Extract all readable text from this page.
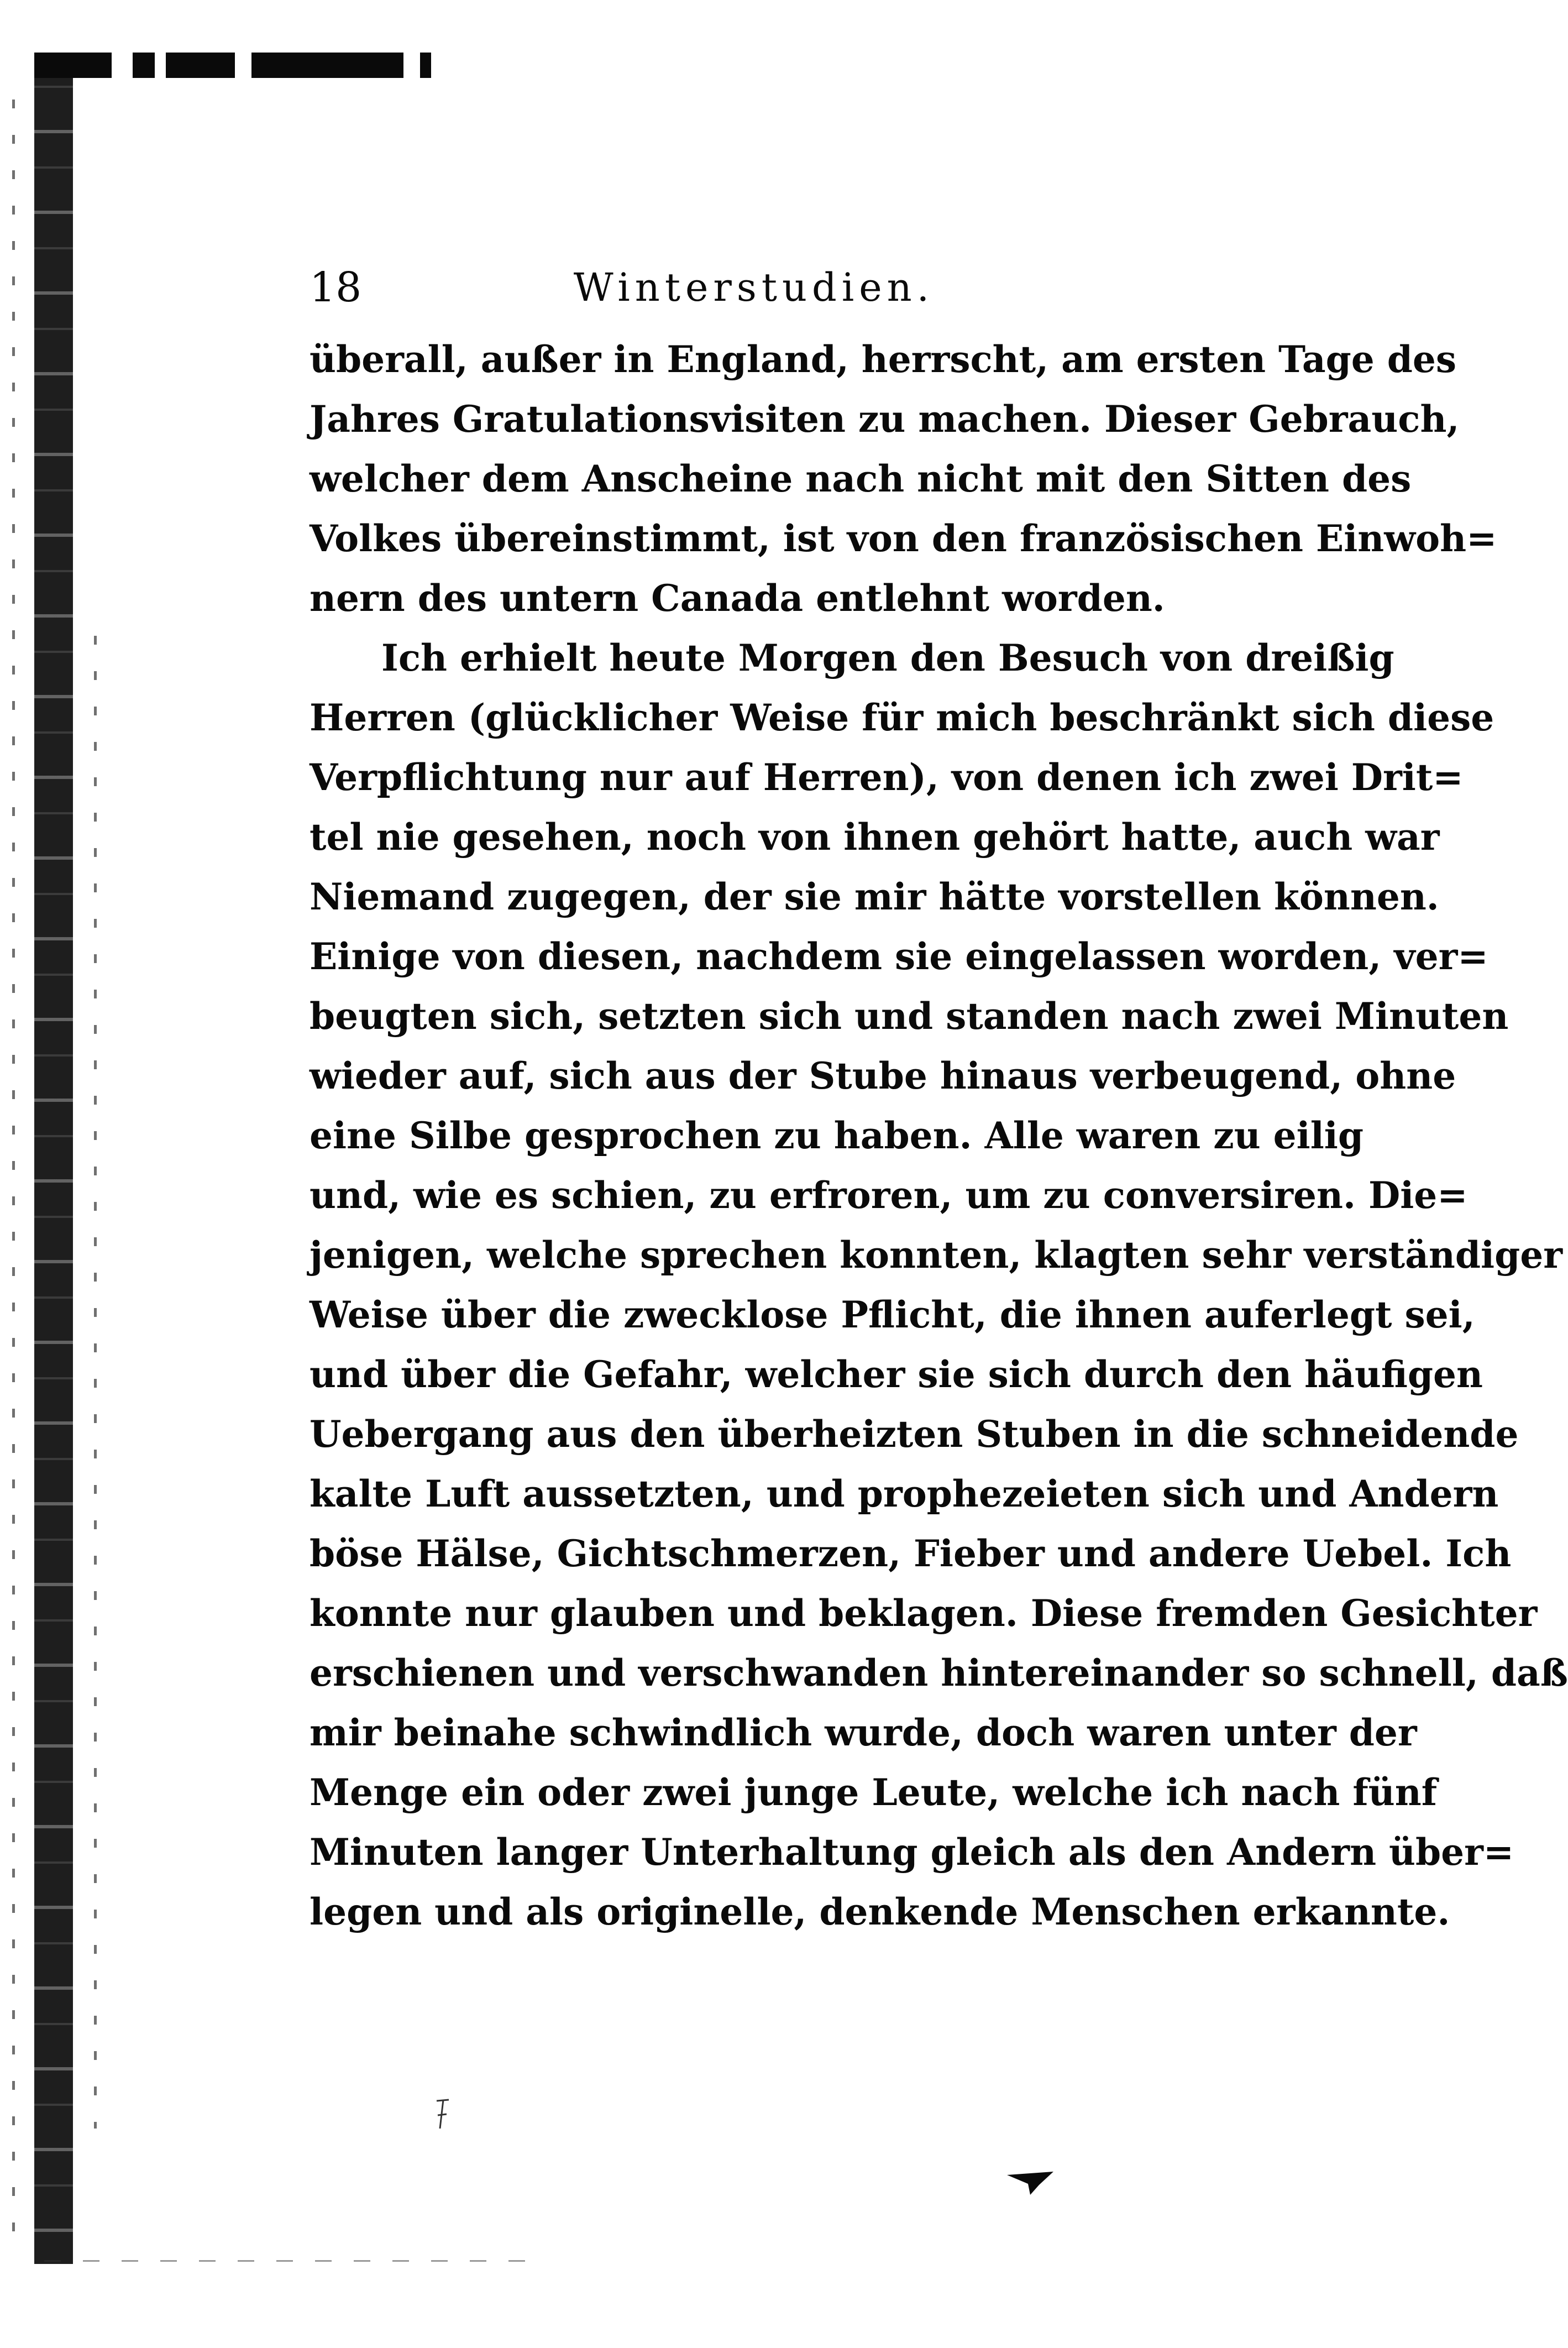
18	Winterstudien.
überall, außer in England, herrscht, am ersten Tage des
Jahres Gratulationsvisiten zu machen. Dieser Gebrauch,
welcher dem Anscheine nach nicht mit den Sitten des
Volkes übereinstimmt, ist von den französischen Einwoh=
nern des untern Canada entlehnt worden.
Ich erhielt heute Morgen den Besuch von dreißig
Herren (glücklicher Weise für mich beschränkt sich diese
Verpflichtung nur auf Herren), von denen ich zwei Drit=
tel nie gesehen, noch von ihnen gehört hatte, auch war
Niemand zugegen, der sie mir hätte vorstellen können.
Einige von diesen, nachdem sie eingelassen worden, ver=
beugten sich, setzten sich und standen nach zwei Minuten
wieder auf, sich aus der Stube hinaus verbeugend, ohne
eine Silbe gesprochen zu haben. Alle waren zu eilig
und, wie es schien, zu erfroren, um zu conversiren. Die=
jenigen, welche sprechen konnten, klagten sehr verständiger
Weise über die zwecklose Pflicht, die ihnen auferlegt sei,
und über die Gefahr, welcher sie sich durch den häufigen
Uebergang aus den überheizten Stuben in die schneidende
kalte Luft aussetzten, und prophezeieten sich und Andern
böse Hälse, Gichtschmerzen, Fieber und andere Uebel. Ich
konnte nur glauben und beklagen. Diese fremden Gesichter
erschienen und verschwanden hintereinander so schnell, daß
mir beinahe schwindlich wurde, doch waren unter der
Menge ein oder zwei junge Leute, welche ich nach fünf
Minuten langer Unterhaltung gleich als den Andern über=
legen und als originelle, denkende Menschen erkannte.
